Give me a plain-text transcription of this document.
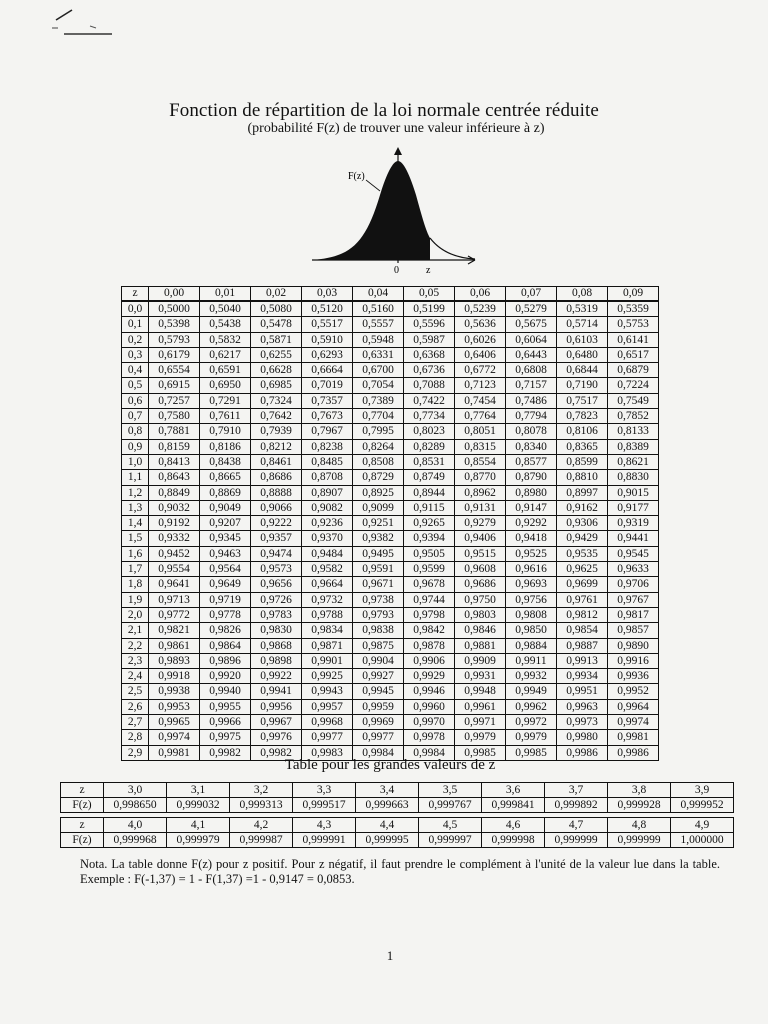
Fonction de répartition de la loi normale centrée réduite
(probabilité F(z) de trouver une valeur inférieure à z)
F(z)
0	z
z	0,00	0,01	0,02	0,03	0,04	0,05	0,06	0,07	0,08	0,09
0,0	0,5000	0,5040	0,5080	0,5120	0,5160	0,5199	0,5239	0,5279	0,5319	0,5359
0,1	0,5398	0,5438	0,5478	0,5517	0,5557	0,5596	0,5636	0,5675	0,5714	0,5753
0,2	0,5793	0,5832	0,5871	0,5910	0,5948	0,5987	0,6026	0,6064	0,6103	0,6141
0,3	0,6179	0,6217	0,6255	0,6293	0,6331	0,6368	0,6406	0,6443	0,6480	0,6517
0,4	0,6554	0,6591	0,6628	0,6664	0,6700	0,6736	0,6772	0,6808	0,6844	0,6879
0,5	0,6915	0,6950	0,6985	0,7019	0,7054	0,7088	0,7123	0,7157	0,7190	0,7224
0,6	0,7257	0,7291	0,7324	0,7357	0,7389	0,7422	0,7454	0,7486	0,7517	0,7549
0,7	0,7580	0,7611	0,7642	0,7673	0,7704	0,7734	0,7764	0,7794	0,7823	0,7852
0,8	0,7881	0,7910	0,7939	0,7967	0,7995	0,8023	0,8051	0,8078	0,8106	0,8133
0,9	0,8159	0,8186	0,8212	0,8238	0,8264	0,8289	0,8315	0,8340	0,8365	0,8389
1,0	0,8413	0,8438	0,8461	0,8485	0,8508	0,8531	0,8554	0,8577	0,8599	0,8621
1,1	0,8643	0,8665	0,8686	0,8708	0,8729	0,8749	0,8770	0,8790	0,8810	0,8830
1,2	0,8849	0,8869	0,8888	0,8907	0,8925	0,8944	0,8962	0,8980	0,8997	0,9015
1,3	0,9032	0,9049	0,9066	0,9082	0,9099	0,9115	0,9131	0,9147	0,9162	0,9177
1,4	0,9192	0,9207	0,9222	0,9236	0,9251	0,9265	0,9279	0,9292	0,9306	0,9319
1,5	0,9332	0,9345	0,9357	0,9370	0,9382	0,9394	0,9406	0,9418	0,9429	0,9441
1,6	0,9452	0,9463	0,9474	0,9484	0,9495	0,9505	0,9515	0,9525	0,9535	0,9545
1,7	0,9554	0,9564	0,9573	0,9582	0,9591	0,9599	0,9608	0,9616	0,9625	0,9633
1,8	0,9641	0,9649	0,9656	0,9664	0,9671	0,9678	0,9686	0,9693	0,9699	0,9706
1,9	0,9713	0,9719	0,9726	0,9732	0,9738	0,9744	0,9750	0,9756	0,9761	0,9767
2,0	0,9772	0,9778	0,9783	0,9788	0,9793	0,9798	0,9803	0,9808	0,9812	0,9817
2,1	0,9821	0,9826	0,9830	0,9834	0,9838	0,9842	0,9846	0,9850	0,9854	0,9857
2,2	0,9861	0,9864	0,9868	0,9871	0,9875	0,9878	0,9881	0,9884	0,9887	0,9890
2,3	0,9893	0,9896	0,9898	0,9901	0,9904	0,9906	0,9909	0,9911	0,9913	0,9916
2,4	0,9918	0,9920	0,9922	0,9925	0,9927	0,9929	0,9931	0,9932	0,9934	0,9936
2,5	0,9938	0,9940	0,9941	0,9943	0,9945	0,9946	0,9948	0,9949	0,9951	0,9952
2,6	0,9953	0,9955	0,9956	0,9957	0,9959	0,9960	0,9961	0,9962	0,9963	0,9964
2,7	0,9965	0,9966	0,9967	0,9968	0,9969	0,9970	0,9971	0,9972	0,9973	0,9974
2,8	0,9974	0,9975	0,9976	0,9977	0,9977	0,9978	0,9979	0,9979	0,9980	0,9981
2,9	0,9981	0,9982	0,9982	0,9983	0,9984	0,9984	0,9985	0,9985	0,9986	0,9986
Table pour les grandes valeurs de z
z	3,0	3,1	3,2	3,3	3,4	3,5	3,6	3,7	3,8	3,9
F(z)	0,998650	0,999032	0,999313	0,999517	0,999663	0,999767	0,999841	0,999892	0,999928	0,999952
z	4,0	4,1	4,2	4,3	4,4	4,5	4,6	4,7	4,8	4,9
F(z)	0,999968	0,999979	0,999987	0,999991	0,999995	0,999997	0,999998	0,999999	0,999999	1,000000
Nota. La table donne F(z) pour z positif. Pour z négatif, il faut prendre le complément à l'unité de la valeur lue dans la table. Exemple : F(-1,37) = 1 - F(1,37) =1 - 0,9147 = 0,0853.
1
